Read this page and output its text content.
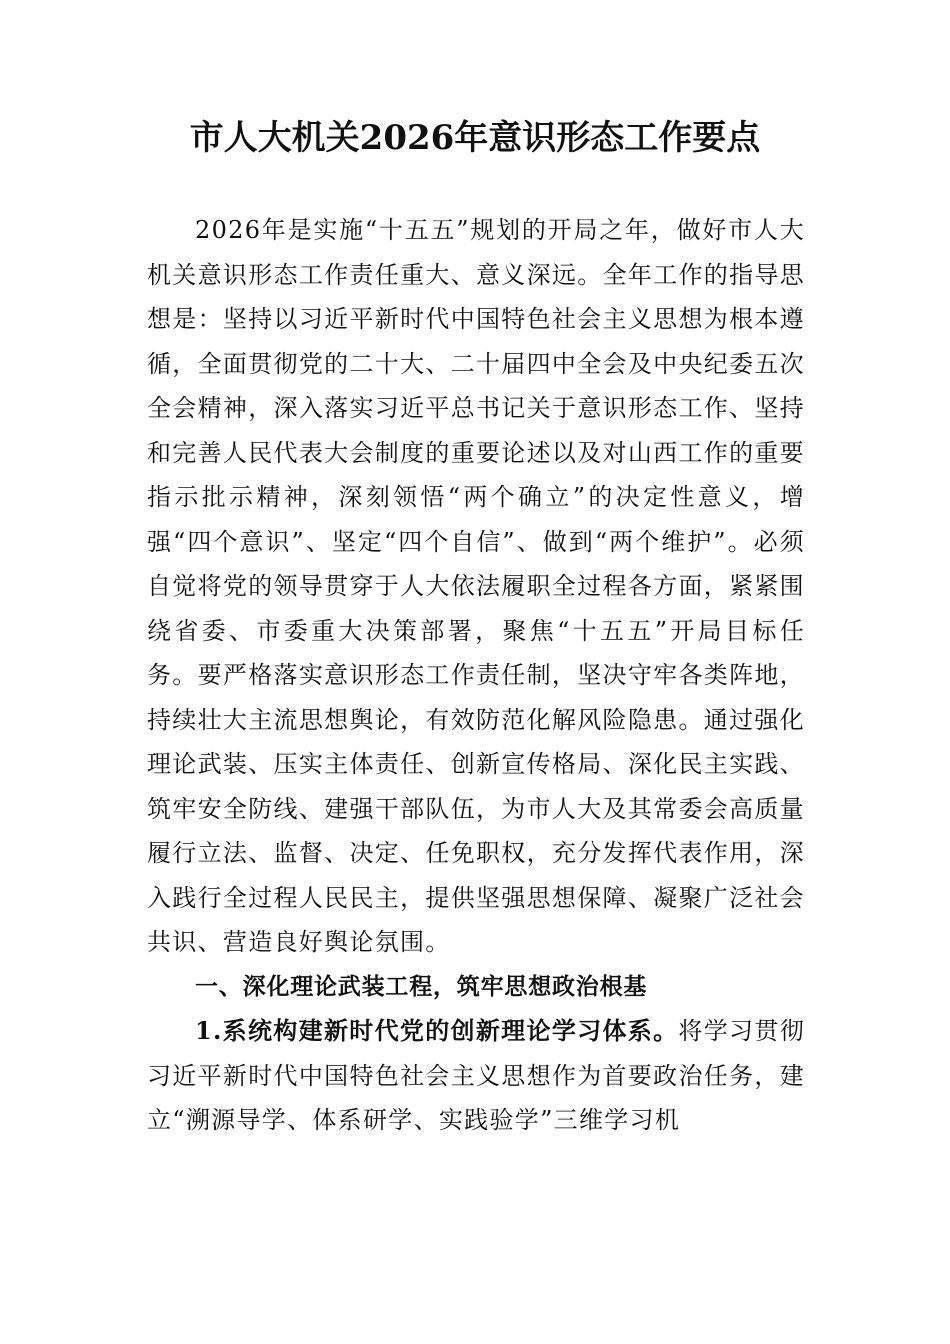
市人大机关2026年意识形态工作要点

2026年是实施“十五五”规划的开局之年，做好市人大机关意识形态工作责任重大、意义深远。全年工作的指导思想是：坚持以习近平新时代中国特色社会主义思想为根本遵循，全面贯彻党的二十大、二十届四中全会及中央纪委五次全会精神，深入落实习近平总书记关于意识形态工作、坚持和完善人民代表大会制度的重要论述以及对山西工作的重要指示批示精神，深刻领悟“两个确立”的决定性意义，增强“四个意识”、坚定“四个自信”、做到“两个维护”。必须自觉将党的领导贯穿于人大依法履职全过程各方面，紧紧围绕省委、市委重大决策部署，聚焦“十五五”开局目标任务。要严格落实意识形态工作责任制，坚决守牢各类阵地，持续壮大主流思想舆论，有效防范化解风险隐患。通过强化理论武装、压实主体责任、创新宣传格局、深化民主实践、筑牢安全防线、建强干部队伍，为市人大及其常委会高质量履行立法、监督、决定、任免职权，充分发挥代表作用，深入践行全过程人民民主，提供坚强思想保障、凝聚广泛社会共识、营造良好舆论氛围。

一、深化理论武装工程，筑牢思想政治根基

1.系统构建新时代党的创新理论学习体系。将学习贯彻习近平新时代中国特色社会主义思想作为首要政治任务，建立“溯源导学、体系研学、实践验学”三维学习机
